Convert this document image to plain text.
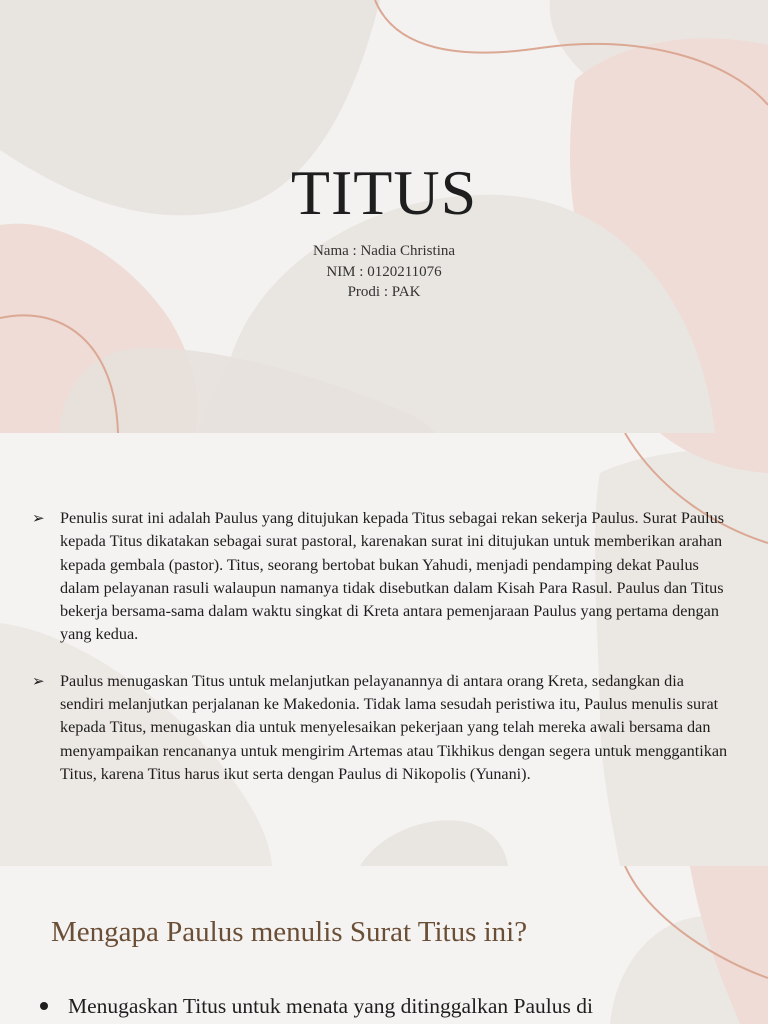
TITUS
Nama : Nadia Christina
NIM : 0120211076
Prodi : PAK
➢ Penulis surat ini adalah Paulus yang ditujukan kepada Titus sebagai rekan sekerja Paulus. Surat Paulus kepada Titus dikatakan sebagai surat pastoral, karenakan surat ini ditujukan untuk memberikan arahan kepada gembala (pastor). Titus, seorang bertobat bukan Yahudi, menjadi pendamping dekat Paulus dalam pelayanan rasuli walaupun namanya tidak disebutkan dalam Kisah Para Rasul. Paulus dan Titus bekerja bersama-sama dalam waktu singkat di Kreta antara pemenjaraan Paulus yang pertama dengan yang kedua.
➢ Paulus menugaskan Titus untuk melanjutkan pelayanannya di antara orang Kreta, sedangkan dia sendiri melanjutkan perjalanan ke Makedonia. Tidak lama sesudah peristiwa itu, Paulus menulis surat kepada Titus, menugaskan dia untuk menyelesaikan pekerjaan yang telah mereka awali bersama dan menyampaikan rencananya untuk mengirim Artemas atau Tikhikus dengan segera untuk menggantikan Titus, karena Titus harus ikut serta dengan Paulus di Nikopolis (Yunani).
Mengapa Paulus menulis Surat Titus ini?
Menugaskan Titus untuk menata yang ditinggalkan Paulus di
